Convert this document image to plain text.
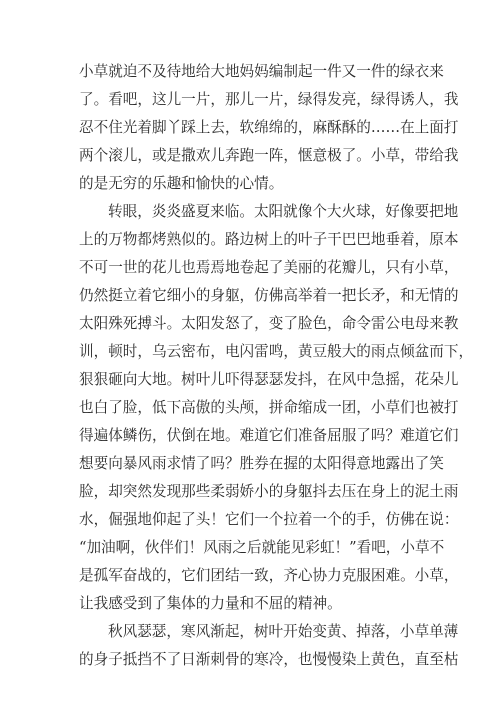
小草就迫不及待地给大地妈妈编制起一件又一件的绿衣来
了。看吧，这儿一片，那儿一片，绿得发亮，绿得诱人，我
忍不住光着脚丫踩上去，软绵绵的，麻酥酥的……在上面打
两个滚儿，或是撒欢儿奔跑一阵，惬意极了。小草，带给我
的是无穷的乐趣和愉快的心情。
转眼，炎炎盛夏来临。太阳就像个大火球，好像要把地
上的万物都烤熟似的。路边树上的叶子干巴巴地垂着，原本
不可一世的花儿也焉焉地卷起了美丽的花瓣儿，只有小草，
仍然挺立着它细小的身躯，仿佛高举着一把长矛，和无情的
太阳殊死搏斗。太阳发怒了，变了脸色，命令雷公电母来教
训，顿时，乌云密布，电闪雷鸣，黄豆般大的雨点倾盆而下，
狠狠砸向大地。树叶儿吓得瑟瑟发抖，在风中急摇，花朵儿
也白了脸，低下高傲的头颅，拼命缩成一团，小草们也被打
得遍体鳞伤，伏倒在地。难道它们准备屈服了吗？难道它们
想要向暴风雨求情了吗？胜券在握的太阳得意地露出了笑
脸，却突然发现那些柔弱娇小的身躯抖去压在身上的泥土雨
水，倔强地仰起了头！它们一个拉着一个的手，仿佛在说：
“加油啊，伙伴们！风雨之后就能见彩虹！”看吧，小草不
是孤军奋战的，它们团结一致，齐心协力克服困难。小草，
让我感受到了集体的力量和不屈的精神。
秋风瑟瑟，寒风渐起，树叶开始变黄、掉落，小草单薄
的身子抵挡不了日渐刺骨的寒冷，也慢慢染上黄色，直至枯
